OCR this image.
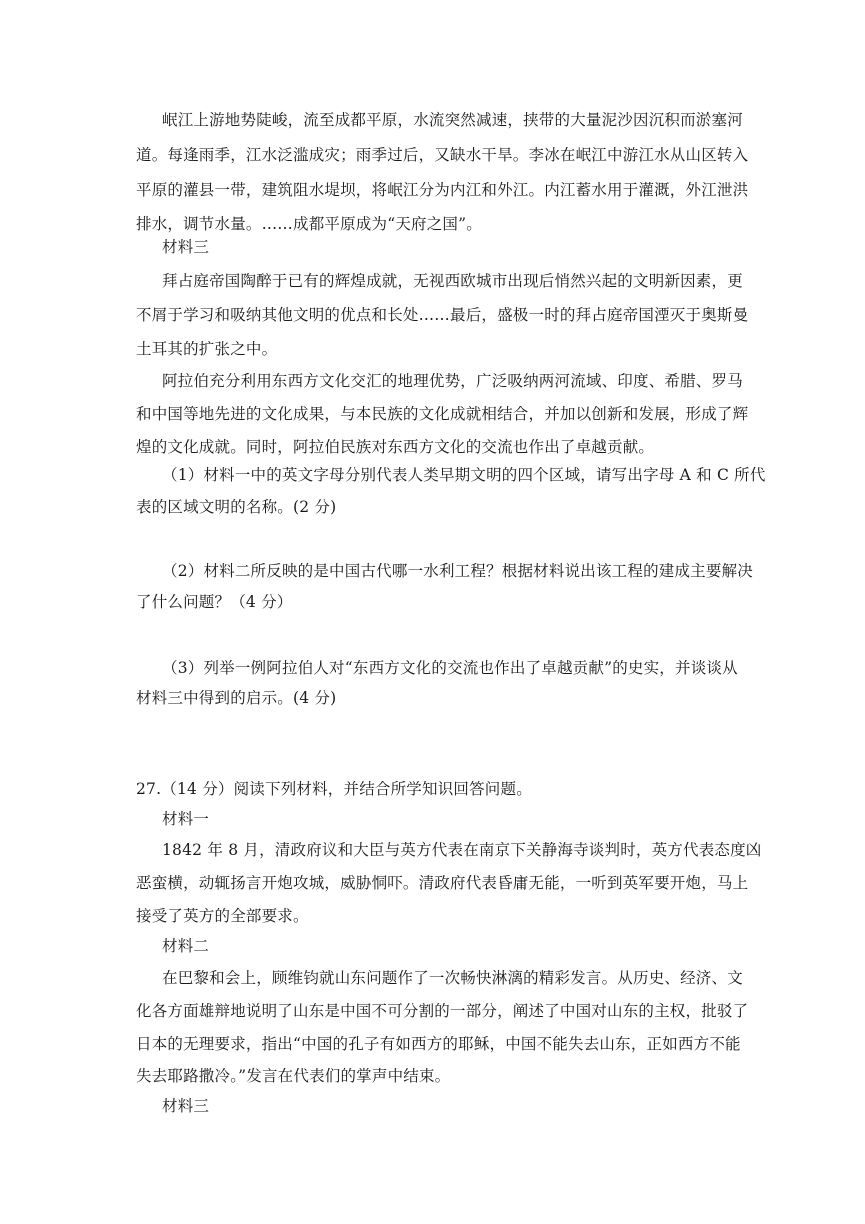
岷江上游地势陡峻，流至成都平原，水流突然减速，挟带的大量泥沙因沉积而淤塞河
道。每逢雨季，江水泛滥成灾；雨季过后，又缺水干旱。李冰在岷江中游江水从山区转入
平原的灌县一带，建筑阻水堤坝，将岷江分为内江和外江。内江蓄水用于灌溉，外江泄洪
排水，调节水量。……成都平原成为“天府之国”。
材料三
拜占庭帝国陶醉于已有的辉煌成就，无视西欧城市出现后悄然兴起的文明新因素，更
不屑于学习和吸纳其他文明的优点和长处……最后，盛极一时的拜占庭帝国湮灭于奥斯曼
土耳其的扩张之中。
阿拉伯充分利用东西方文化交汇的地理优势，广泛吸纳两河流域、印度、希腊、罗马
和中国等地先进的文化成果，与本民族的文化成就相结合，并加以创新和发展，形成了辉
煌的文化成就。同时，阿拉伯民族对东西方文化的交流也作出了卓越贡献。
（1）材料一中的英文字母分别代表人类早期文明的四个区域，请写出字母 A 和 C 所代
表的区域文明的名称。(2 分)
（2）材料二所反映的是中国古代哪一水利工程？根据材料说出该工程的建成主要解决
了什么问题？（4 分）
（3）列举一例阿拉伯人对“东西方文化的交流也作出了卓越贡献”的史实，并谈谈从
材料三中得到的启示。(4 分)
27.（14 分）阅读下列材料，并结合所学知识回答问题。
材料一
1842 年 8 月，清政府议和大臣与英方代表在南京下关静海寺谈判时，英方代表态度凶
恶蛮横，动辄扬言开炮攻城，威胁恫吓。清政府代表昏庸无能，一听到英军要开炮，马上
接受了英方的全部要求。
材料二
在巴黎和会上，顾维钧就山东问题作了一次畅快淋漓的精彩发言。从历史、经济、文
化各方面雄辩地说明了山东是中国不可分割的一部分，阐述了中国对山东的主权，批驳了
日本的无理要求，指出“中国的孔子有如西方的耶稣，中国不能失去山东，正如西方不能
失去耶路撒冷。”发言在代表们的掌声中结束。
材料三
